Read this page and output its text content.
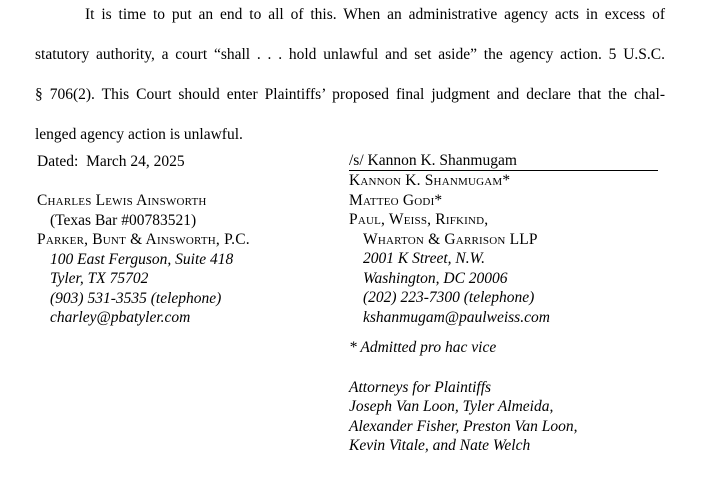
It is time to put an end to all of this. When an administrative agency acts in excess of
statutory authority, a court “shall . . . hold unlawful and set aside” the agency action. 5 U.S.C.
§ 706(2). This Court should enter Plaintiffs’ proposed final judgment and declare that the chal-
lenged agency action is unlawful.
Dated:  March 24, 2025
Charles Lewis Ainsworth
(Texas Bar #00783521)
Parker, Bunt & Ainsworth, P.C.
100 East Ferguson, Suite 418
Tyler, TX 75702
(903) 531-3535 (telephone)
charley@pbatyler.com
/s/ Kannon K. Shanmugam
Kannon K. Shanmugam*
Matteo Godi*
Paul, Weiss, Rifkind,
Wharton & Garrison LLP
2001 K Street, N.W.
Washington, DC 20006
(202) 223-7300 (telephone)
kshanmugam@paulweiss.com
* Admitted pro hac vice
Attorneys for Plaintiffs
Joseph Van Loon, Tyler Almeida,
Alexander Fisher, Preston Van Loon,
Kevin Vitale, and Nate Welch
